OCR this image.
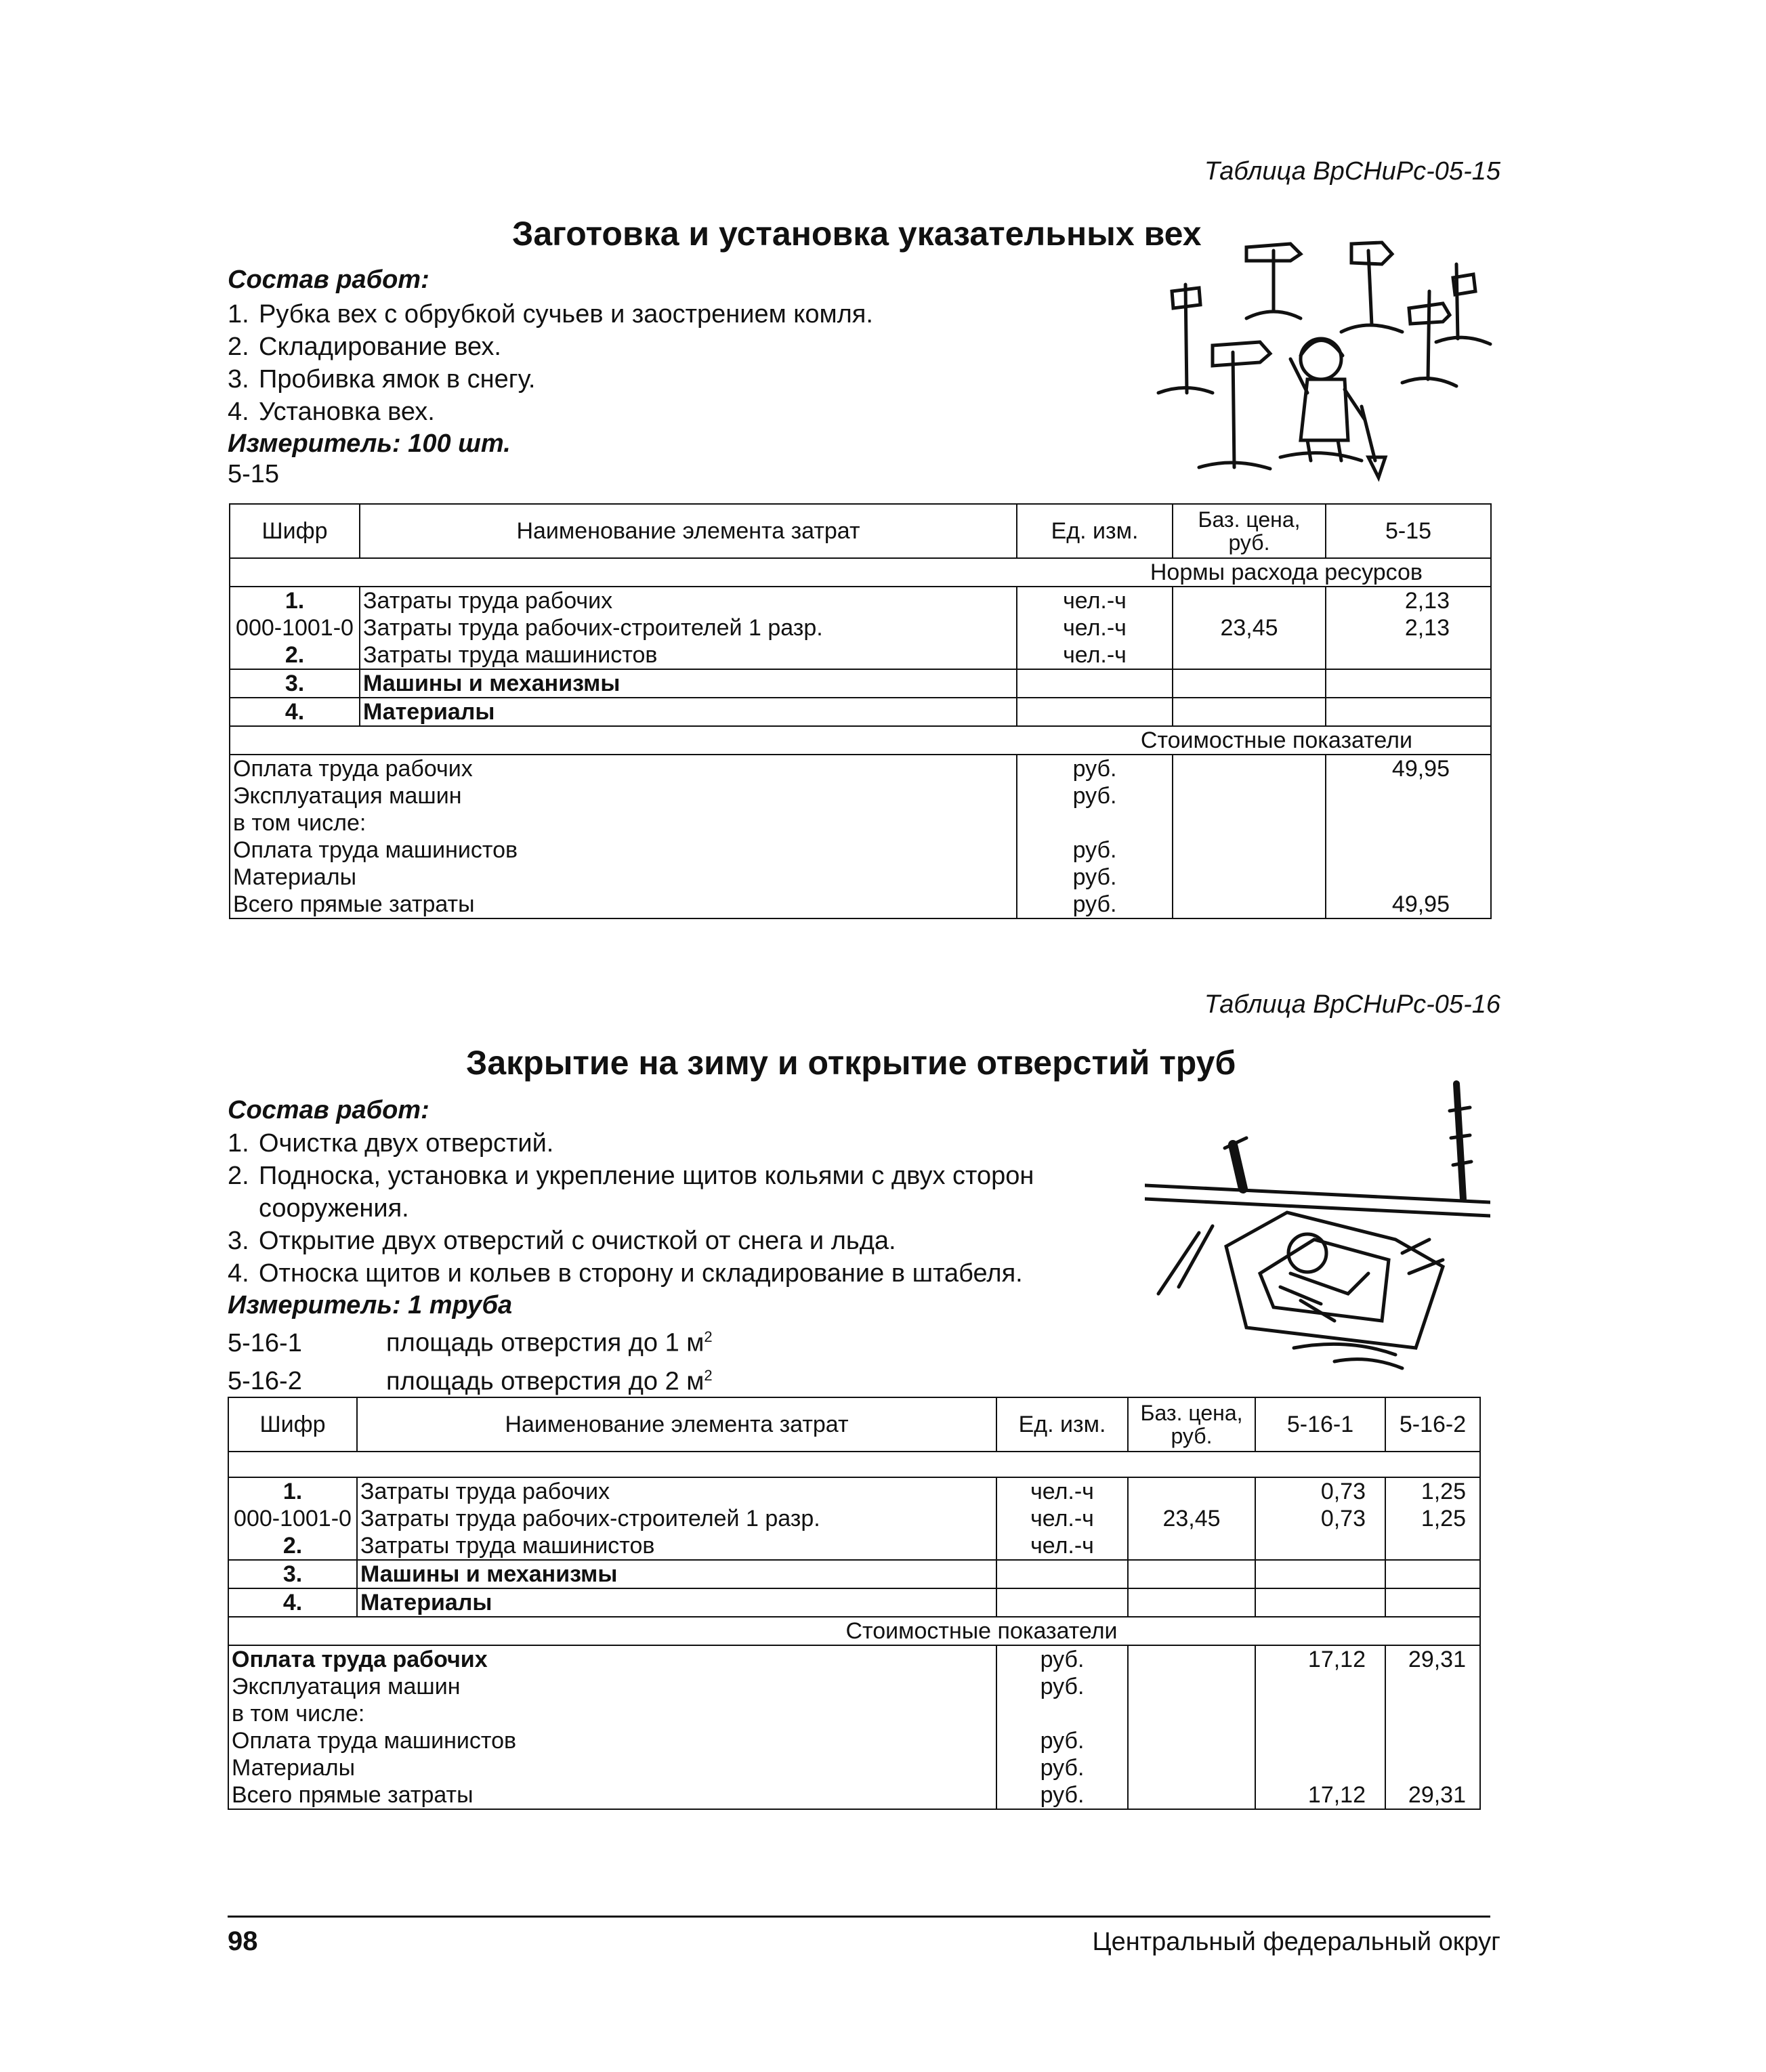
Таблица ВрСНиРс-05-15
Заготовка и установка указательных вех
Состав работ:
1. Рубка вех с обрубкой сучьев и заострением комля.
2. Складирование вех.
3. Пробивка ямок в снегу.
4. Установка вех.
Измеритель: 100 шт.
5-15
Шифр	Наименование элемента затрат	Ед. изм.	Баз. цена, руб.	5-15
Нормы расхода ресурсов				
1.	Затраты труда рабочих	чел.-ч		2,13
000-1001-0	Затраты труда рабочих-строителей 1 разр.	чел.-ч	23,45	2,13
2.	Затраты труда машинистов	чел.-ч		
3.	Машины и механизмы			
4.	Материалы			
Стоимостные показатели				
Оплата труда рабочих		руб.		49,95
Эксплуатация машин		руб.		
в том числе:				
Оплата труда машинистов		руб.		
Материалы		руб.		
Всего прямые затраты		руб.		49,95
Таблица ВрСНиРс-05-16
Закрытие на зиму и открытие отверстий труб
Состав работ:
1. Очистка двух отверстий.
2. Подноска, установка и укрепление щитов кольями с двух сторон
сооружения.
3. Открытие двух отверстий с очисткой от снега и льда.
4. Относка щитов и кольев в сторону и складирование в штабеля.
Измеритель: 1 труба
5-16-1	площадь отверстия до 1 $м^2$
5-16-2	площадь отверстия до 2 $м^2$
Шифр	Наименование элемента затрат	Ед. изм.	Баз. цена, руб.	5-16-1	5-16-2

1.	Затраты труда рабочих	чел.-ч		0,73	1,25
000-1001-0	Затраты труда рабочих-строителей 1 разр.	чел.-ч	23,45	0,73	1,25
2.	Затраты труда машинистов	чел.-ч			
3.	Машины и механизмы				
4.	Материалы				
Стоимостные показатели					
Оплата труда рабочих		руб.		17,12	29,31
Эксплуатация машин		руб.			
в том числе:					
Оплата труда машинистов		руб.			
Материалы		руб.			
Всего прямые затраты		руб.		17,12	29,31
98	Центральный федеральный округ
